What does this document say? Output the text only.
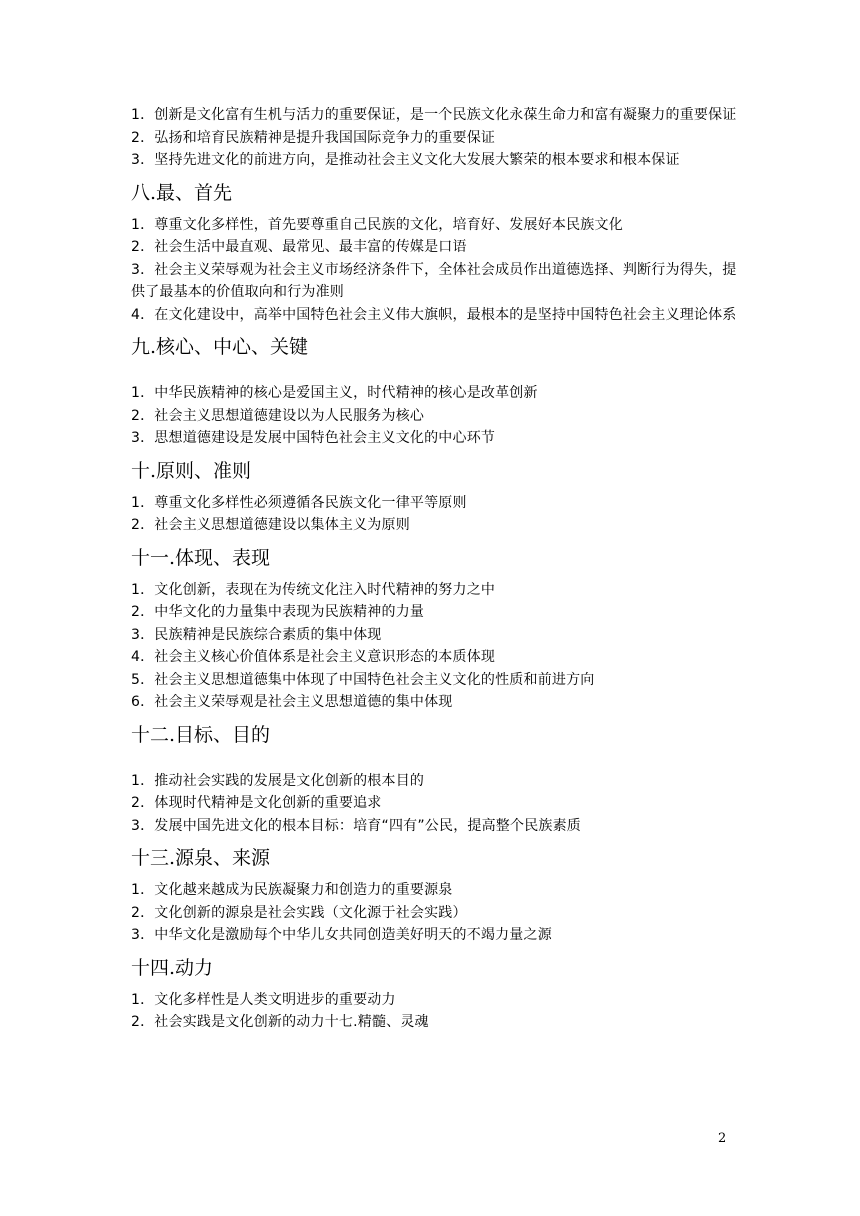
1．创新是文化富有生机与活力的重要保证，是一个民族文化永葆生命力和富有凝聚力的重要保证

2．弘扬和培育民族精神是提升我国国际竞争力的重要保证

3．坚持先进文化的前进方向，是推动社会主义文化大发展大繁荣的根本要求和根本保证

八.最、首先

1．尊重文化多样性，首先要尊重自己民族的文化，培育好、发展好本民族文化

2．社会生活中最直观、最常见、最丰富的传媒是口语

3．社会主义荣辱观为社会主义市场经济条件下，全体社会成员作出道德选择、判断行为得失，提供了最基本的价值取向和行为准则

4．在文化建设中，高举中国特色社会主义伟大旗帜，最根本的是坚持中国特色社会主义理论体系

九.核心、中心、关键

1．中华民族精神的核心是爱国主义，时代精神的核心是改革创新

2．社会主义思想道德建设以为人民服务为核心

3．思想道德建设是发展中国特色社会主义文化的中心环节

十.原则、准则

1．尊重文化多样性必须遵循各民族文化一律平等原则

2．社会主义思想道德建设以集体主义为原则

十一.体现、表现

1．文化创新，表现在为传统文化注入时代精神的努力之中

2．中华文化的力量集中表现为民族精神的力量

3．民族精神是民族综合素质的集中体现

4．社会主义核心价值体系是社会主义意识形态的本质体现

5．社会主义思想道德集中体现了中国特色社会主义文化的性质和前进方向

6．社会主义荣辱观是社会主义思想道德的集中体现

十二.目标、目的

1．推动社会实践的发展是文化创新的根本目的

2．体现时代精神是文化创新的重要追求

3．发展中国先进文化的根本目标：培育“四有”公民，提高整个民族素质

十三.源泉、来源

1．文化越来越成为民族凝聚力和创造力的重要源泉

2．文化创新的源泉是社会实践（文化源于社会实践）

3．中华文化是激励每个中华儿女共同创造美好明天的不竭力量之源

十四.动力

1．文化多样性是人类文明进步的重要动力

2．社会实践是文化创新的动力十七.精髓、灵魂

2
